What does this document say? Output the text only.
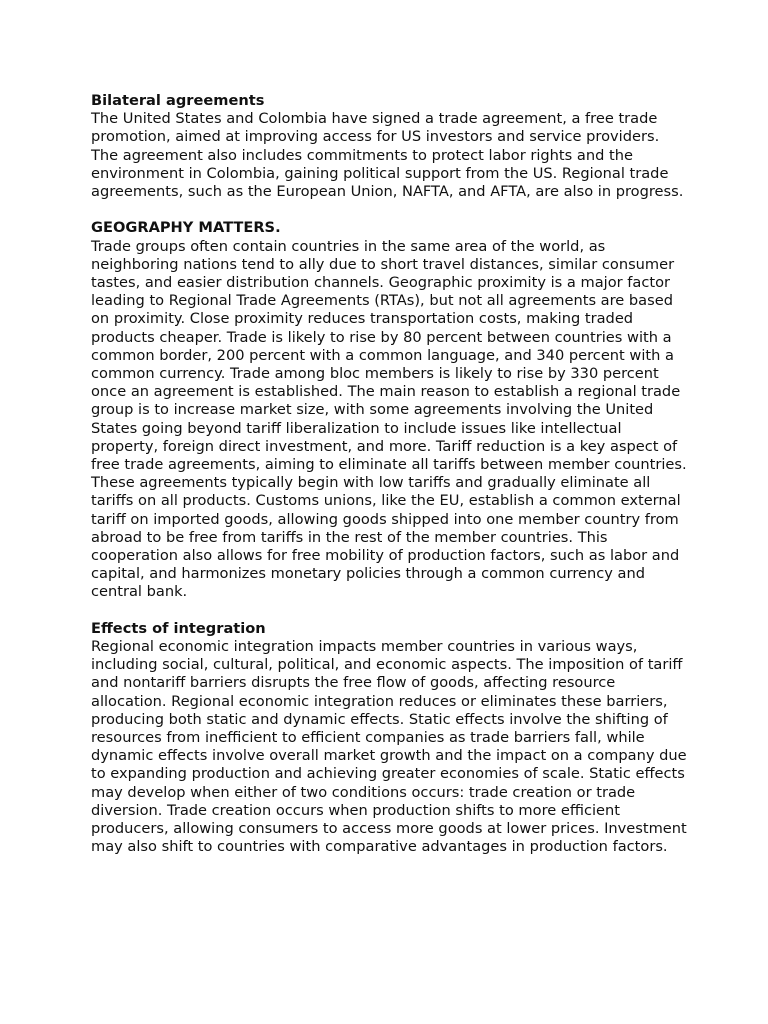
Bilateral agreements

The United States and Colombia have signed a trade agreement, a free trade promotion, aimed at improving access for US investors and service providers. The agreement also includes commitments to protect labor rights and the environment in Colombia, gaining political support from the US. Regional trade agreements, such as the European Union, NAFTA, and AFTA, are also in progress.

GEOGRAPHY MATTERS.

Trade groups often contain countries in the same area of the world, as neighboring nations tend to ally due to short travel distances, similar consumer tastes, and easier distribution channels. Geographic proximity is a major factor leading to Regional Trade Agreements (RTAs), but not all agreements are based on proximity. Close proximity reduces transportation costs, making traded products cheaper. Trade is likely to rise by 80 percent between countries with a common border, 200 percent with a common language, and 340 percent with a common currency. Trade among bloc members is likely to rise by 330 percent once an agreement is established. The main reason to establish a regional trade group is to increase market size, with some agreements involving the United States going beyond tariff liberalization to include issues like intellectual property, foreign direct investment, and more. Tariff reduction is a key aspect of free trade agreements, aiming to eliminate all tariffs between member countries. These agreements typically begin with low tariffs and gradually eliminate all tariffs on all products. Customs unions, like the EU, establish a common external tariff on imported goods, allowing goods shipped into one member country from abroad to be free from tariffs in the rest of the member countries. This cooperation also allows for free mobility of production factors, such as labor and capital, and harmonizes monetary policies through a common currency and central bank.

Effects of integration

Regional economic integration impacts member countries in various ways, including social, cultural, political, and economic aspects. The imposition of tariff and nontariff barriers disrupts the free flow of goods, affecting resource allocation. Regional economic integration reduces or eliminates these barriers, producing both static and dynamic effects. Static effects involve the shifting of resources from inefficient to efficient companies as trade barriers fall, while dynamic effects involve overall market growth and the impact on a company due to expanding production and achieving greater economies of scale. Static effects may develop when either of two conditions occurs: trade creation or trade diversion. Trade creation occurs when production shifts to more efficient producers, allowing consumers to access more goods at lower prices. Investment may also shift to countries with comparative advantages in production factors.
